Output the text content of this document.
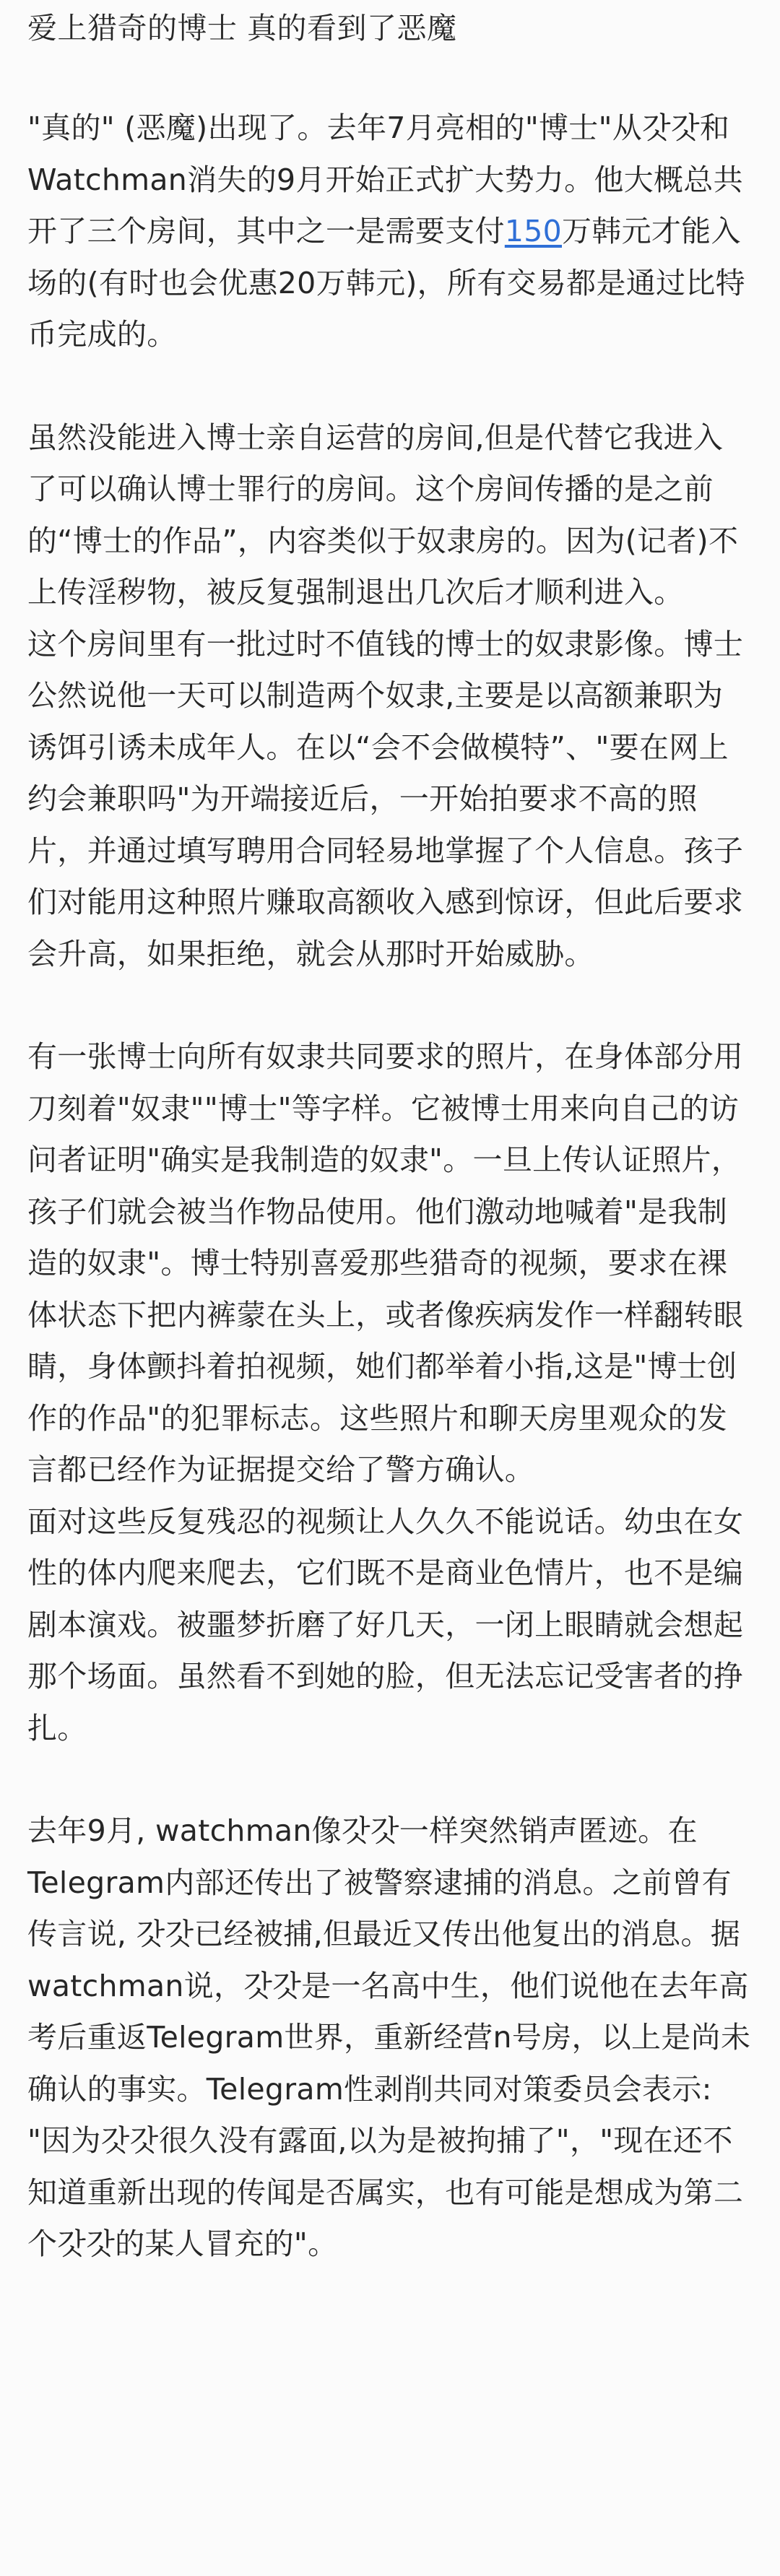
爱上猎奇的博士 真的看到了恶魔

"真的" (恶魔)出现了。去年7月亮相的"博士"从갓갓和Watchman消失的9月开始正式扩大势力。他大概总共开了三个房间，其中之一是需要支付150万韩元才能入场的(有时也会优惠20万韩元)，所有交易都是通过比特币完成的。

虽然没能进入博士亲自运营的房间,但是代替它我进入了可以确认博士罪行的房间。这个房间传播的是之前的“博士的作品”，内容类似于奴隶房的。因为(记者)不上传淫秽物，被反复强制退出几次后才顺利进入。

这个房间里有一批过时不值钱的博士的奴隶影像。博士公然说他一天可以制造两个奴隶,主要是以高额兼职为诱饵引诱未成年人。在以“会不会做模特”、"要在网上约会兼职吗"为开端接近后，一开始拍要求不高的照片，并通过填写聘用合同轻易地掌握了个人信息。孩子们对能用这种照片赚取高额收入感到惊讶，但此后要求会升高，如果拒绝，就会从那时开始威胁。

有一张博士向所有奴隶共同要求的照片，在身体部分用刀刻着"奴隶""博士"等字样。它被博士用来向自己的访问者证明"确实是我制造的奴隶"。一旦上传认证照片，孩子们就会被当作物品使用。他们激动地喊着"是我制造的奴隶"。博士特别喜爱那些猎奇的视频，要求在裸体状态下把内裤蒙在头上，或者像疾病发作一样翻转眼睛，身体颤抖着拍视频，她们都举着小指,这是"博士创作的作品"的犯罪标志。这些照片和聊天房里观众的发言都已经作为证据提交给了警方确认。

面对这些反复残忍的视频让人久久不能说话。幼虫在女性的体内爬来爬去，它们既不是商业色情片，也不是编剧本演戏。被噩梦折磨了好几天，一闭上眼睛就会想起那个场面。虽然看不到她的脸，但无法忘记受害者的挣扎。

去年9月, watchman像갓갓一样突然销声匿迹。在Telegram内部还传出了被警察逮捕的消息。之前曾有传言说, 갓갓已经被捕,但最近又传出他复出的消息。据watchman说，갓갓是一名高中生，他们说他在去年高考后重返Telegram世界，重新经营n号房，以上是尚未确认的事实。Telegram性剥削共同对策委员会表示: "因为갓갓很久没有露面,以为是被拘捕了"，"现在还不知道重新出现的传闻是否属实，也有可能是想成为第二个갓갓的某人冒充的"。
